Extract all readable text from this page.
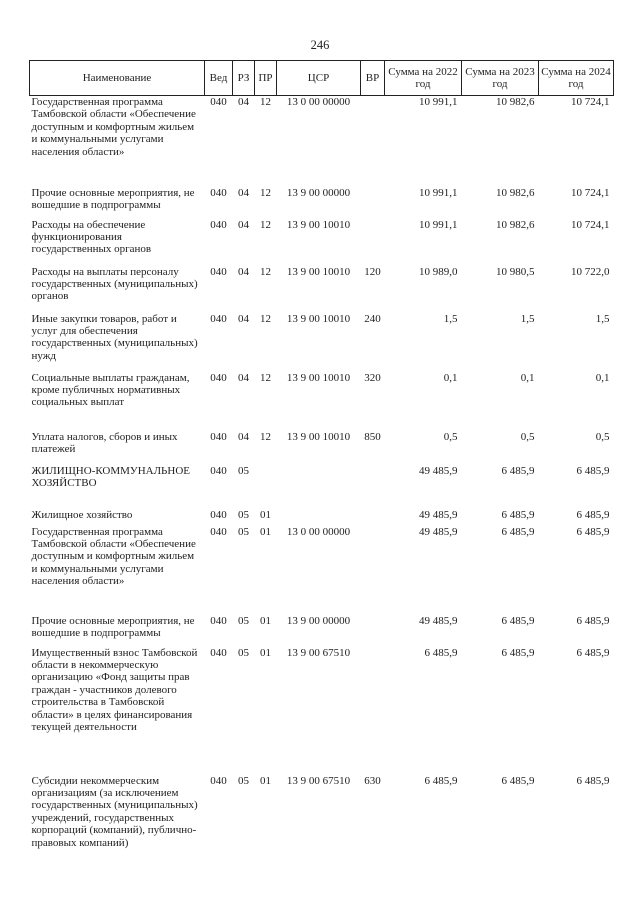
246
Наименование	Вед	РЗ	ПР	ЦСР	ВР	Сумма на 2022 год	Сумма на 2023 год	Сумма на 2024 год
Государственная программа Тамбовской области «Обеспечение доступным и комфортным жильем и коммунальными услугами населения области»	040	04	12	13 0 00 00000		10 991,1	10 982,6	10 724,1
Прочие основные мероприятия, не вошедшие в подпрограммы	040	04	12	13 9 00 00000		10 991,1	10 982,6	10 724,1
Расходы на обеспечение функционирования государственных органов	040	04	12	13 9 00 10010		10 991,1	10 982,6	10 724,1
Расходы на выплаты персоналу государственных (муниципальных) органов	040	04	12	13 9 00 10010	120	10 989,0	10 980,5	10 722,0
Иные закупки товаров, работ и услуг для обеспечения государственных (муниципальных) нужд	040	04	12	13 9 00 10010	240	1,5	1,5	1,5
Социальные выплаты гражданам, кроме публичных нормативных социальных выплат	040	04	12	13 9 00 10010	320	0,1	0,1	0,1
Уплата налогов, сборов и иных платежей	040	04	12	13 9 00 10010	850	0,5	0,5	0,5
ЖИЛИЩНО-КОММУНАЛЬНОЕ ХОЗЯЙСТВО	040	05				49 485,9	6 485,9	6 485,9
Жилищное хозяйство	040	05	01			49 485,9	6 485,9	6 485,9
Государственная программа Тамбовской области «Обеспечение доступным и комфортным жильем и коммунальными услугами населения области»	040	05	01	13 0 00 00000		49 485,9	6 485,9	6 485,9
Прочие основные мероприятия, не вошедшие в подпрограммы	040	05	01	13 9 00 00000		49 485,9	6 485,9	6 485,9
Имущественный взнос Тамбовской области в некоммерческую организацию «Фонд защиты прав граждан - участников долевого строительства в Тамбовской области» в целях финансирования текущей деятельности	040	05	01	13 9 00 67510		6 485,9	6 485,9	6 485,9
Субсидии некоммерческим организациям (за исключением государственных (муниципальных) учреждений, государственных корпораций (компаний), публично-правовых компаний)	040	05	01	13 9 00 67510	630	6 485,9	6 485,9	6 485,9
